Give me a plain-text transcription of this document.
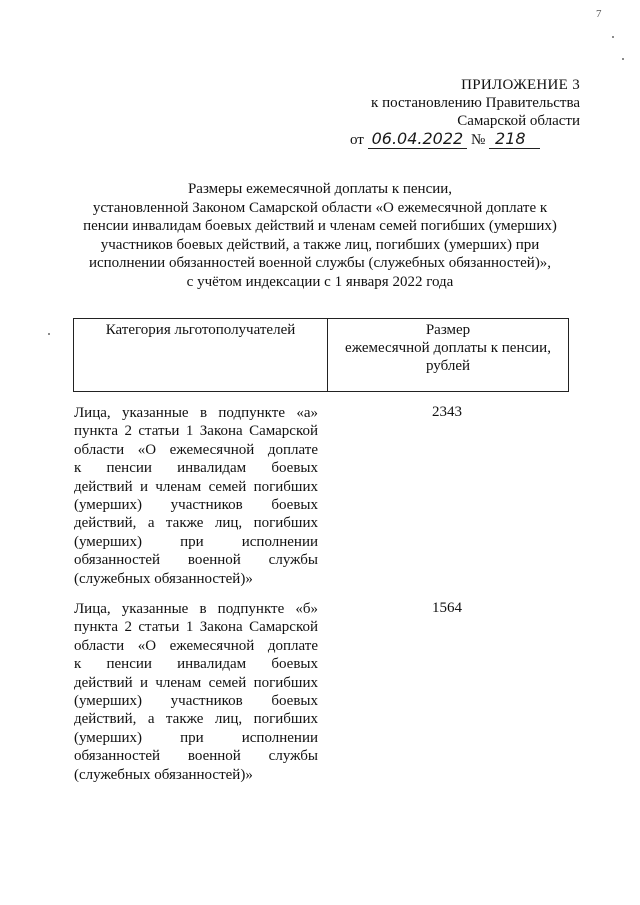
7
ПРИЛОЖЕНИЕ 3
к постановлению Правительства
Самарской области
от 06.04.2022 № 218
Размеры ежемесячной доплаты к пенсии,
установленной Законом Самарской области «О ежемесячной доплате к
пенсии инвалидам боевых действий и членам семей погибших (умерших)
участников боевых действий, а также лиц, погибших (умерших) при
исполнении обязанностей военной службы (служебных обязанностей)»,
с учётом индексации с 1 января 2022 года
Категория льготополучателей	Размер
ежемесячной доплаты к пенсии,
рублей
Лица, указанные в подпункте «а»
пункта 2 статьи 1 Закона Самарской
области «О ежемесячной доплате
к пенсии инвалидам боевых
действий и членам семей погибших
(умерших) участников боевых
действий, а также лиц, погибших
(умерших) при исполнении
обязанностей военной службы
(служебных обязанностей)»
2343
Лица, указанные в подпункте «б»
пункта 2 статьи 1 Закона Самарской
области «О ежемесячной доплате
к пенсии инвалидам боевых
действий и членам семей погибших
(умерших) участников боевых
действий, а также лиц, погибших
(умерших) при исполнении
обязанностей военной службы
(служебных обязанностей)»
1564
